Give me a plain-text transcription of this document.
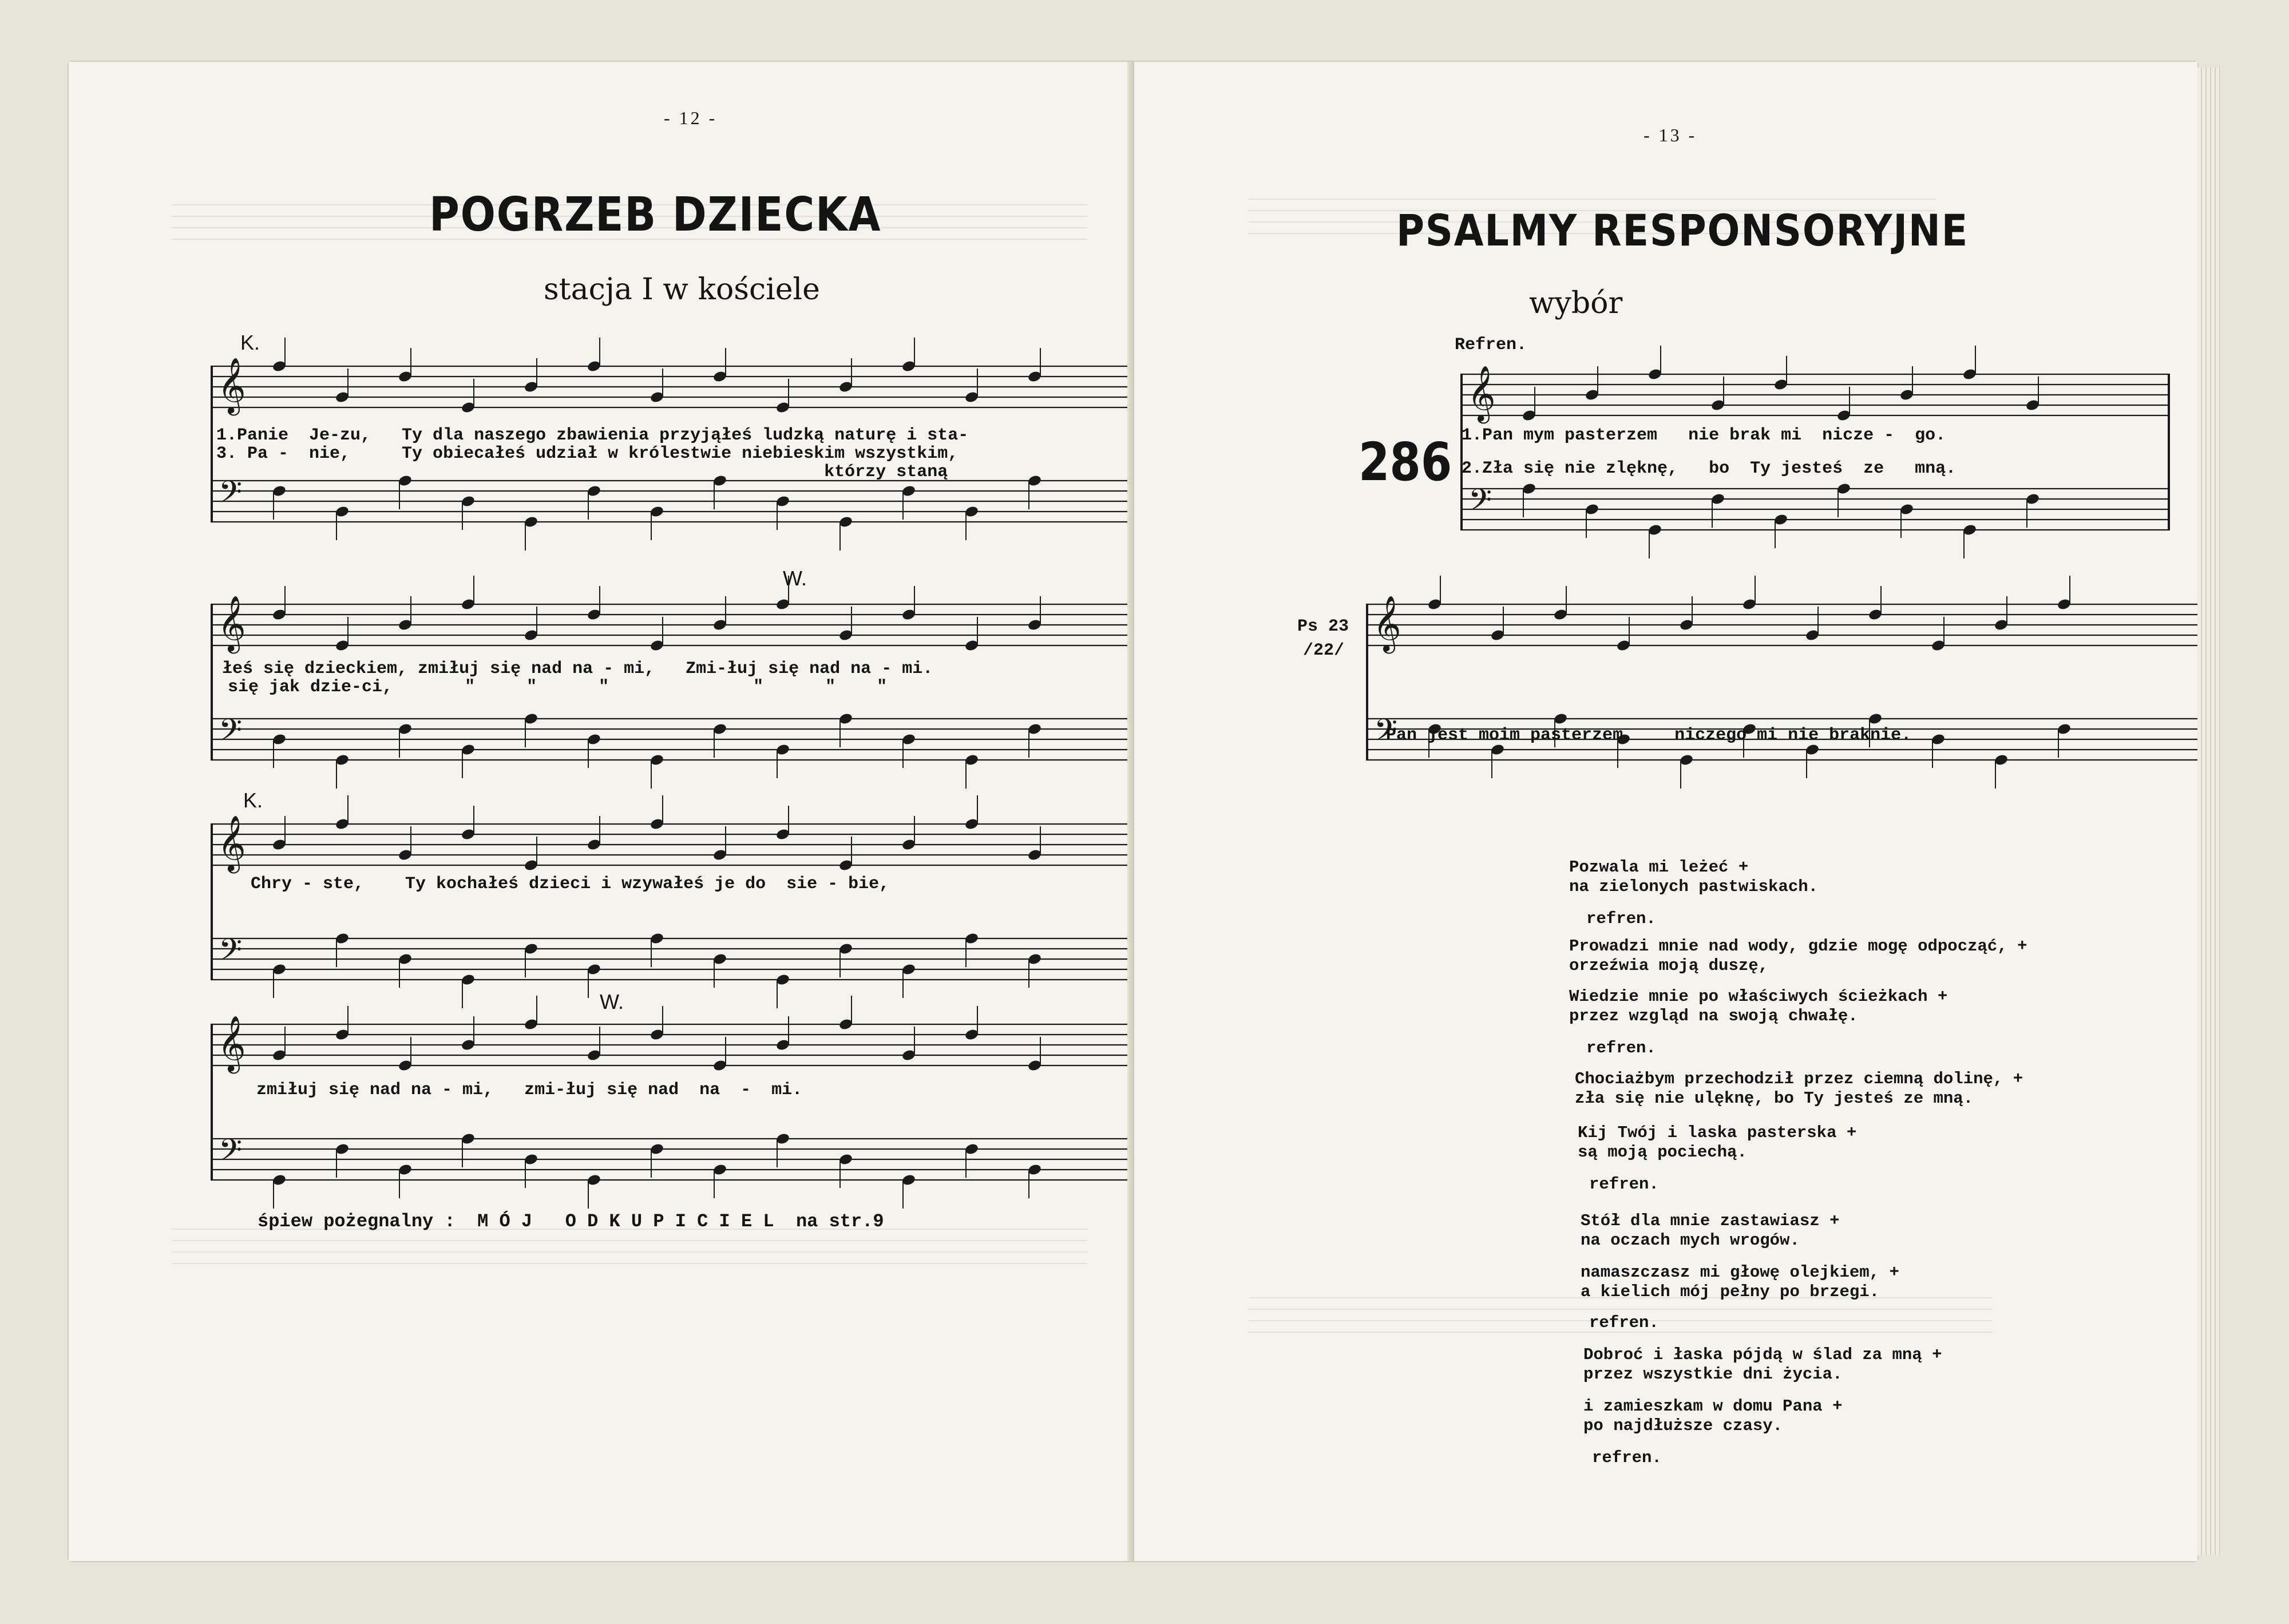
- 12 -
POGRZEB DZIECKA
stacja I w kościele
K.
𝄞
𝄢
1.Panie  Je-zu,   Ty dla naszego zbawienia przyjąłeś ludzką naturę i sta-
3. Pa -  nie,     Ty obiecałeś udział w królestwie niebieskim wszystkim,
którzy staną
W.
𝄞
𝄢
łeś się dzieckiem, zmiłuj się nad na - mi,   Zmi-łuj się nad na - mi.
się jak dzie-ci,       "     "      "              "      "    "
K.
𝄞
𝄢
Chry - ste,    Ty kochałeś dzieci i wzywałeś je do  sie - bie,
W.
𝄞
𝄢
zmiłuj się nad na - mi,   zmi-łuj się nad  na  -  mi.
śpiew pożegnalny :  M Ó J   O D K U P I C I E L  na str.9
- 13 -
PSALMY RESPONSORYJNE
wybór
Refren.
286
𝄞
𝄢
1.Pan mym pasterzem   nie brak mi  nicze -  go.
2.Zła się nie zlęknę,   bo  Ty jesteś  ze   mną.
Ps 23
/22/ 𝄞
𝄢
Pan jest moim pasterzem,    niczego mi nie braknie.
Pozwala mi leżeć +
na zielonych pastwiskach.
refren.
Prowadzi mnie nad wody, gdzie mogę odpocząć, +
orzeźwia moją duszę,
Wiedzie mnie po właściwych ścieżkach +
przez wzgląd na swoją chwałę.
refren.
Chociażbym przechodził przez ciemną dolinę, +
zła się nie ulęknę, bo Ty jesteś ze mną.
Kij Twój i laska pasterska +
są moją pociechą.
refren.
Stół dla mnie zastawiasz +
na oczach mych wrogów.
namaszczasz mi głowę olejkiem, +
a kielich mój pełny po brzegi.
refren.
Dobroć i łaska pójdą w ślad za mną +
przez wszystkie dni życia.
i zamieszkam w domu Pana +
po najdłuższe czasy.
refren.
